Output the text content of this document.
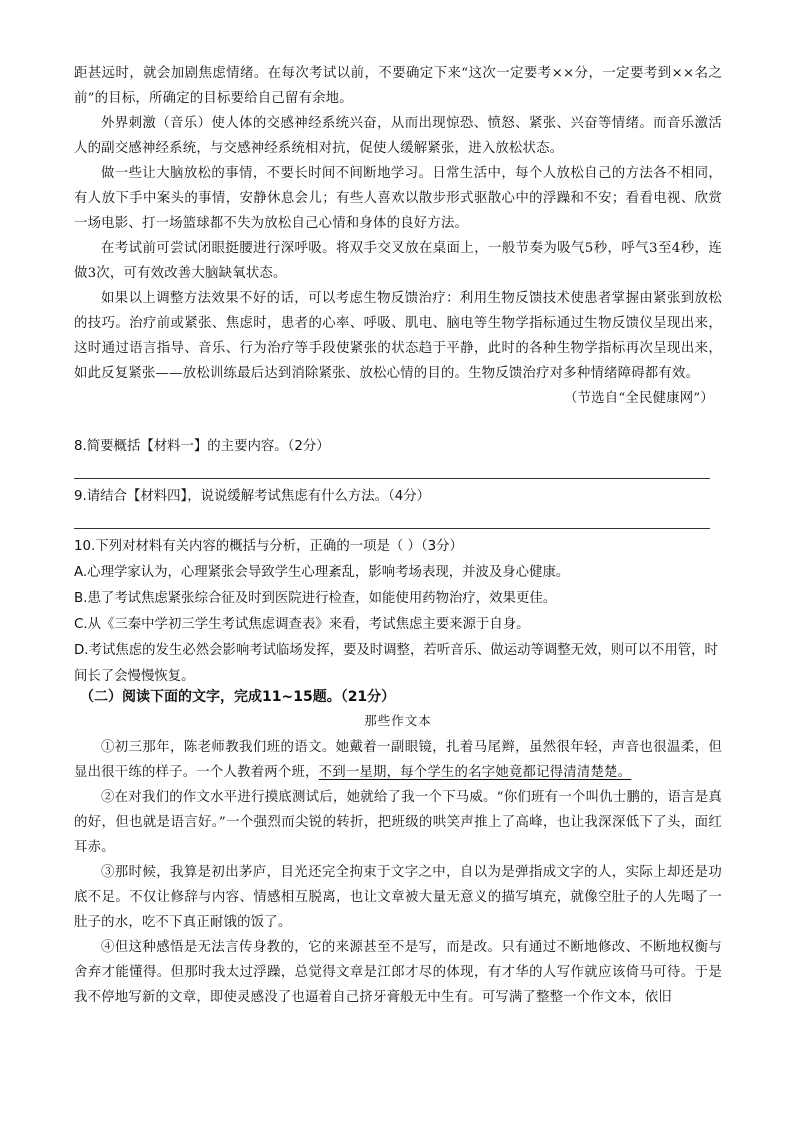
距甚远时，就会加剧焦虑情绪。在每次考试以前，不要确定下来“这次一定要考××分，一定要考到××名之前”的目标，所确定的目标要给自己留有余地。

外界刺激（音乐）使人体的交感神经系统兴奋，从而出现惊恐、愤怒、紧张、兴奋等情绪。而音乐激活人的副交感神经系统，与交感神经系统相对抗，促使人缓解紧张，进入放松状态。

做一些让大脑放松的事情，不要长时间不间断地学习。日常生活中，每个人放松自己的方法各不相同，有人放下手中案头的事情，安静休息会儿；有些人喜欢以散步形式驱散心中的浮躁和不安；看看电视、欣赏一场电影、打一场篮球都不失为放松自己心情和身体的良好方法。

在考试前可尝试闭眼挺腰进行深呼吸。将双手交叉放在桌面上，一般节奏为吸气5秒，呼气3至4秒，连做3次，可有效改善大脑缺氧状态。

如果以上调整方法效果不好的话，可以考虑生物反馈治疗：利用生物反馈技术使患者掌握由紧张到放松的技巧。治疗前或紧张、焦虑时，患者的心率、呼吸、肌电、脑电等生物学指标通过生物反馈仪呈现出来，这时通过语言指导、音乐、行为治疗等手段使紧张的状态趋于平静，此时的各种生物学指标再次呈现出来，如此反复紧张——放松训练最后达到消除紧张、放松心情的目的。生物反馈治疗对多种情绪障碍都有效。

（节选自“全民健康网”）

8.简要概括【材料一】的主要内容。（2分）

9.请结合【材料四】，说说缓解考试焦虑有什么方法。（4分）

10.下列对材料有关内容的概括与分析，正确的一项是（ ）（3分）

A.心理学家认为，心理紧张会导致学生心理紊乱，影响考场表现，并波及身心健康。

B.患了考试焦虑紧张综合征及时到医院进行检查，如能使用药物治疗，效果更佳。

C.从《三秦中学初三学生考试焦虑调查表》来看，考试焦虑主要来源于自身。

D.考试焦虑的发生必然会影响考试临场发挥，要及时调整，若听音乐、做运动等调整无效，则可以不用管，时间长了会慢慢恢复。

（二）阅读下面的文字，完成11~15题。（21分）
那些作文本

①初三那年，陈老师教我们班的语文。她戴着一副眼镜，扎着马尾辫，虽然很年轻，声音也很温柔，但显出很干练的样子。一个人教着两个班，不到一星期，每个学生的名字她竟都记得清清楚楚。

②在对我们的作文水平进行摸底测试后，她就给了我一个下马威。“你们班有一个叫仇士鹏的，语言是真的好，但也就是语言好。”一个强烈而尖锐的转折，把班级的哄笑声推上了高峰，也让我深深低下了头，面红耳赤。

③那时候，我算是初出茅庐，目光还完全拘束于文字之中，自以为是弹指成文字的人，实际上却还是功底不足。不仅让修辞与内容、情感相互脱离，也让文章被大量无意义的描写填充，就像空肚子的人先喝了一肚子的水，吃不下真正耐饿的饭了。

④但这种感悟是无法言传身教的，它的来源甚至不是写，而是改。只有通过不断地修改、不断地权衡与舍弃才能懂得。但那时我太过浮躁，总觉得文章是江郎才尽的体现，有才华的人写作就应该倚马可待。于是我不停地写新的文章，即使灵感没了也逼着自己挤牙膏般无中生有。可写满了整整一个作文本，依旧
